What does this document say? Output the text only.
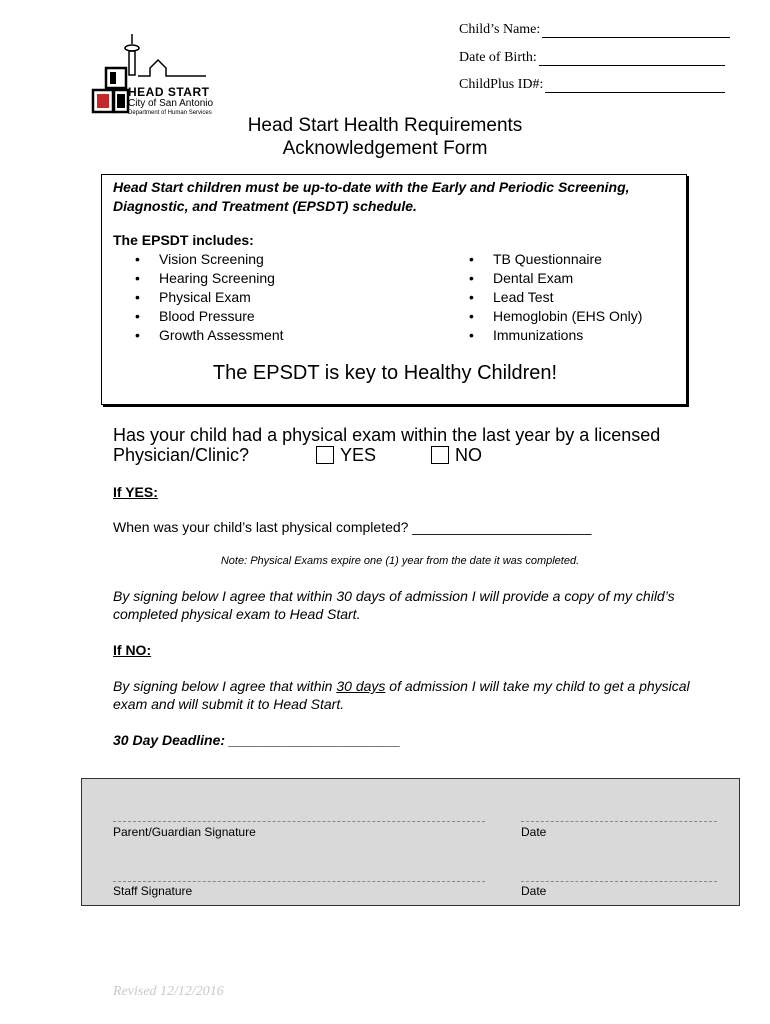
Child’s Name:
Date of Birth:
ChildPlus ID#:
HEAD START
City of San Antonio
Department of Human Services
Head Start Health Requirements
Acknowledgement Form
Head Start children must be up-to-date with the Early and Periodic Screening, Diagnostic, and Treatment (EPSDT) schedule.
The EPSDT includes:
• Vision Screening
• Hearing Screening
• Physical Exam
• Blood Pressure
• Growth Assessment
• TB Questionnaire
• Dental Exam
• Lead Test
• Hemoglobin (EHS Only)
• Immunizations
The EPSDT is key to Healthy Children!
Has your child had a physical exam within the last year by a licensed
Physician/Clinic?	YES	NO
If YES:
When was your child’s last physical completed? _______________________
Note: Physical Exams expire one (1) year from the date it was completed.
By signing below I agree that within 30 days of admission I will provide a copy of my child’s completed physical exam to Head Start.
If NO:
By signing below I agree that within 30 days of admission I will take my child to get a physical exam and will submit it to Head Start.
30 Day Deadline: ______________________
Parent/Guardian Signature	Date
Staff Signature	Date
Revised 12/12/2016
